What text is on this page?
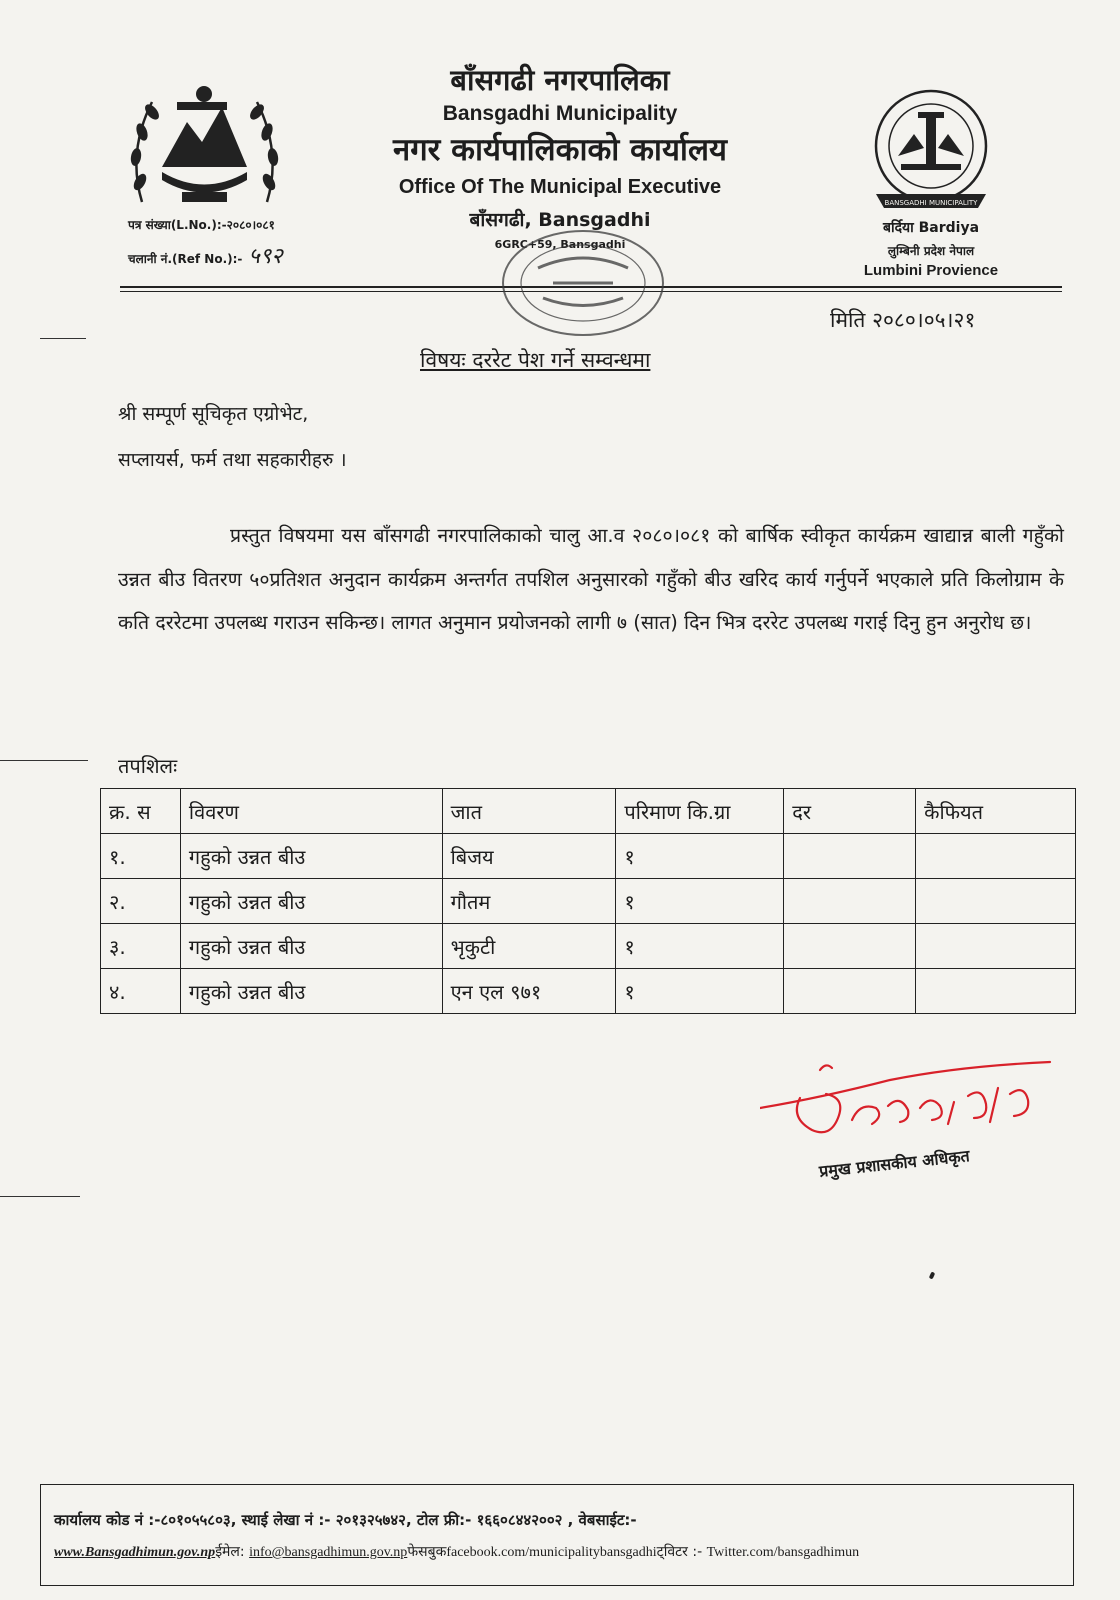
BANSGADHI MUNICIPALITY
बाँसगढी नगरपालिका
Bansgadhi Municipality
नगर कार्यपालिकाको कार्यालय
Office Of The Municipal Executive
बाँसगढी, Bansgadhi
6GRC+59, Bansgadhi
पत्र संख्या(L.No.):-२०८०।०८१
चलानी नं.(Ref No.):- ५९२
बर्दिया Bardiya
लुम्बिनी प्रदेश नेपाल
Lumbini Provience
मिति २०८०।०५।२१
विषयः दररेट पेश गर्ने सम्वन्धमा
श्री सम्पूर्ण सूचिकृत एग्रोभेट,
सप्लायर्स, फर्म तथा सहकारीहरु ।
प्रस्तुत विषयमा यस बाँसगढी नगरपालिकाको चालु आ.व २०८०।०८१ को बार्षिक स्वीकृत कार्यक्रम खाद्यान्न बाली गहुँको उन्नत बीउ वितरण ५०प्रतिशत अनुदान कार्यक्रम अन्तर्गत तपशिल अनुसारको गहुँको बीउ खरिद कार्य गर्नुपर्ने भएकाले प्रति किलोग्राम के कति दररेटमा उपलब्ध गराउन सकिन्छ। लागत अनुमान प्रयोजनको लागी ७ (सात) दिन भित्र दररेट उपलब्ध गराई दिनु हुन अनुरोध छ।
तपशिलः
क्र. स	विवरण	जात	परिमाण कि.ग्रा	दर	कैफियत
१.	गहुको उन्नत बीउ	बिजय	१		
२.	गहुको उन्नत बीउ	गौतम	१		
३.	गहुको उन्नत बीउ	भृकुटी	१		
४.	गहुको उन्नत बीउ	एन एल ९७१	१		
प्रमुख प्रशासकीय अधिकृत
कार्यालय कोड नं :-८०१०५५८०३, स्थाई लेखा नं :- २०१३२५७४२, टोल फ्री:- १६६०८४४२००२ , वेबसाईट:-
www.Bansgadhimun.gov.npईमेल: info@bansgadhimun.gov.npफेसबुकfacebook.com/municipalitybansgadhiट्विटर :- Twitter.com/bansgadhimun
